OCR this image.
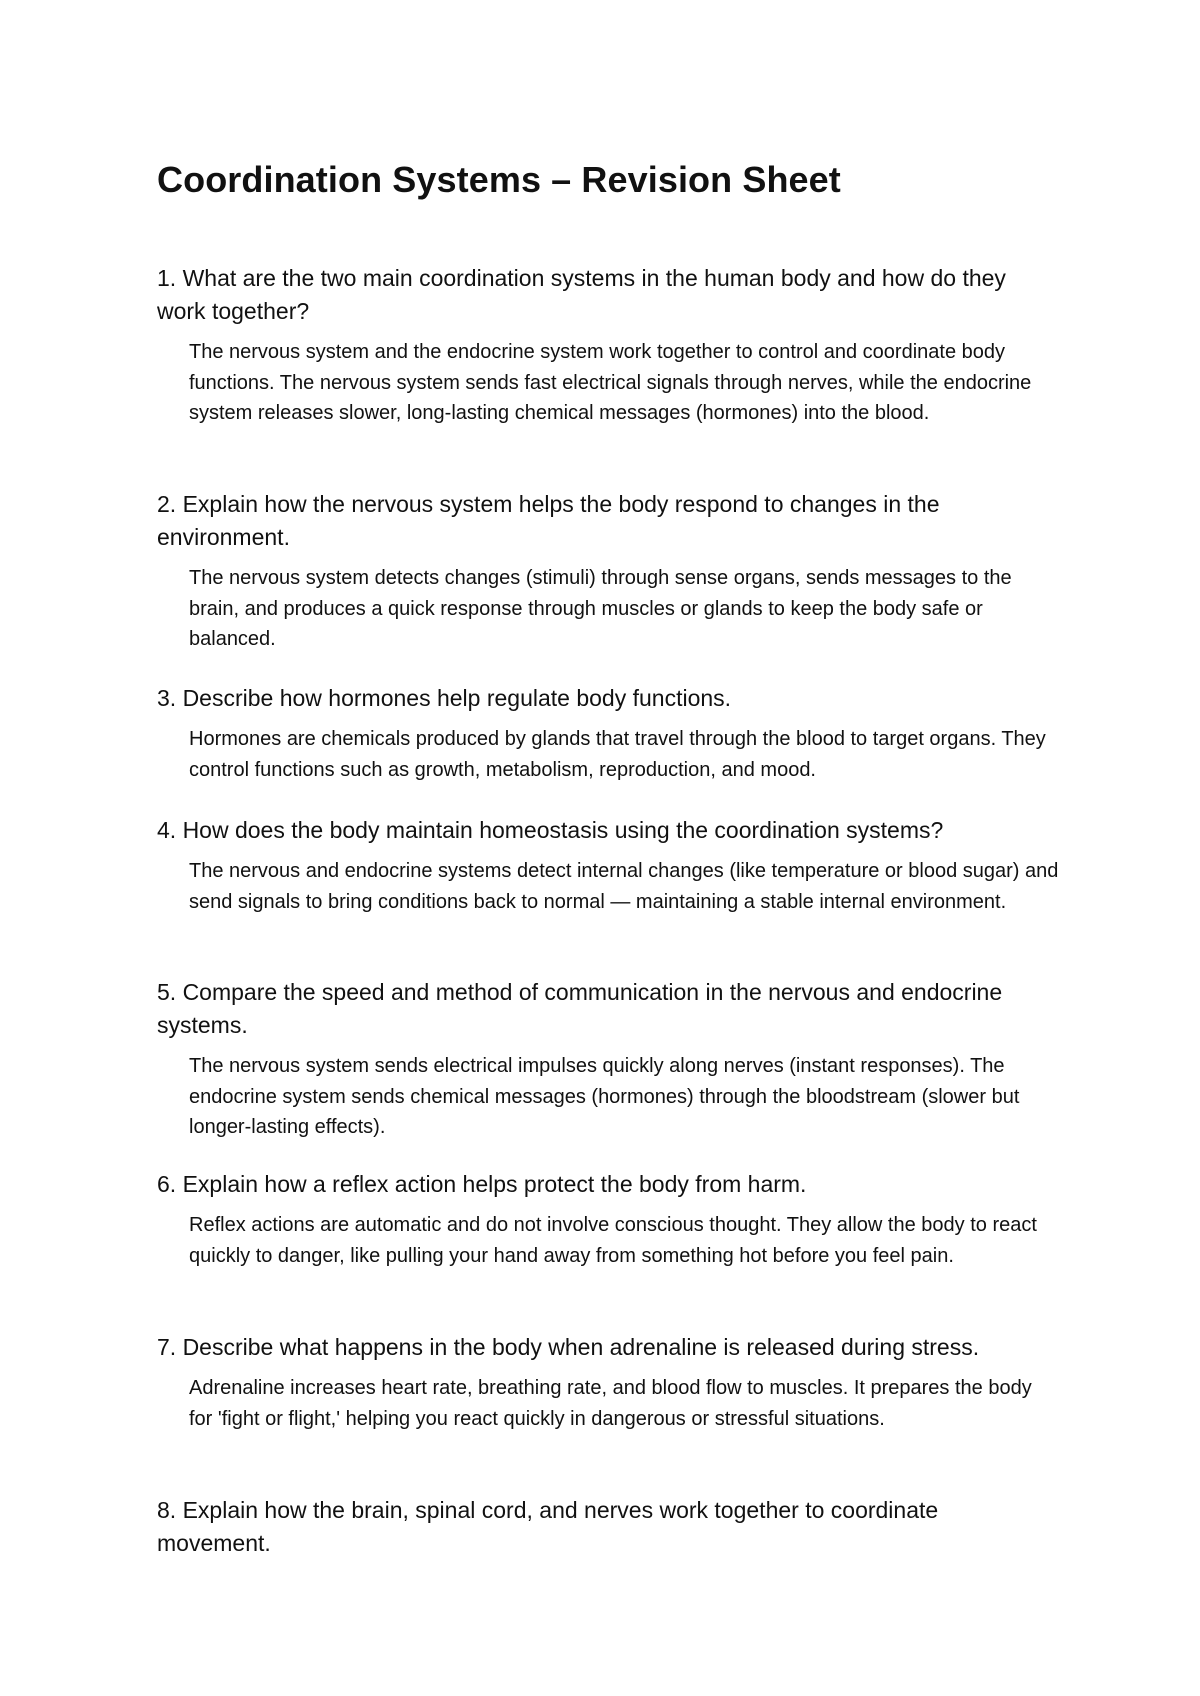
Coordination Systems – Revision Sheet

1. What are the two main coordination systems in the human body and how do they work together?

The nervous system and the endocrine system work together to control and coordinate body functions. The nervous system sends fast electrical signals through nerves, while the endocrine system releases slower, long-lasting chemical messages (hormones) into the blood.

2. Explain how the nervous system helps the body respond to changes in the environment.

The nervous system detects changes (stimuli) through sense organs, sends messages to the brain, and produces a quick response through muscles or glands to keep the body safe or balanced.

3. Describe how hormones help regulate body functions.

Hormones are chemicals produced by glands that travel through the blood to target organs. They control functions such as growth, metabolism, reproduction, and mood.

4. How does the body maintain homeostasis using the coordination systems?

The nervous and endocrine systems detect internal changes (like temperature or blood sugar) and send signals to bring conditions back to normal — maintaining a stable internal environment.

5. Compare the speed and method of communication in the nervous and endocrine systems.

The nervous system sends electrical impulses quickly along nerves (instant responses). The endocrine system sends chemical messages (hormones) through the bloodstream (slower but longer-lasting effects).

6. Explain how a reflex action helps protect the body from harm.

Reflex actions are automatic and do not involve conscious thought. They allow the body to react quickly to danger, like pulling your hand away from something hot before you feel pain.

7. Describe what happens in the body when adrenaline is released during stress.

Adrenaline increases heart rate, breathing rate, and blood flow to muscles. It prepares the body for 'fight or flight,' helping you react quickly in dangerous or stressful situations.

8. Explain how the brain, spinal cord, and nerves work together to coordinate movement.
